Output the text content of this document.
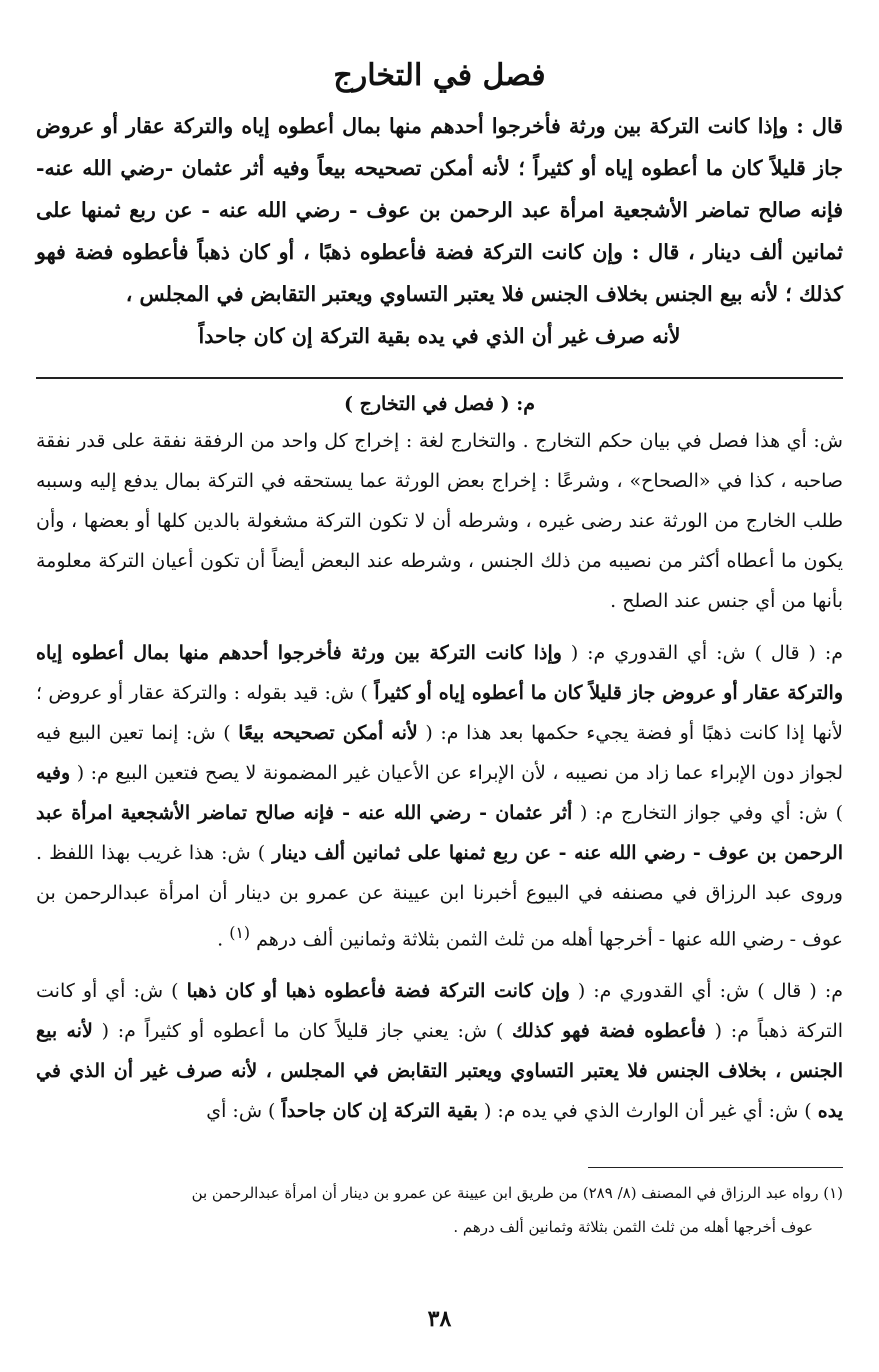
فصل في التخارج

قال : وإذا كانت التركة بين ورثة فأخرجوا أحدهم منها بمال أعطوه إياه والتركة عقار أو عروض جاز قليلاً كان ما أعطوه إياه أو كثيراً ؛ لأنه أمكن تصحيحه بيعاً وفيه أثر عثمان -رضي الله عنه- فإنه صالح تماضر الأشجعية امرأة عبد الرحمن بن عوف - رضي الله عنه - عن ربع ثمنها على ثمانين ألف دينار ، قال : وإن كانت التركة فضة فأعطوه ذهبًا ، أو كان ذهباً فأعطوه فضة فهو كذلك ؛ لأنه بيع الجنس بخلاف الجنس فلا يعتبر التساوي ويعتبر التقابض في المجلس ،

لأنه صرف غير أن الذي في يده بقية التركة إن كان جاحداً

م: ( فصل في التخارج )

ش: أي هذا فصل في بيان حكم التخارج . والتخارج لغة : إخراج كل واحد من الرفقة نفقة على قدر نفقة صاحبه ، كذا في «الصحاح» ، وشرعًا : إخراج بعض الورثة عما يستحقه في التركة بمال يدفع إليه وسببه طلب الخارج من الورثة عند رضى غيره ، وشرطه أن لا تكون التركة مشغولة بالدين كلها أو بعضها ، وأن يكون ما أعطاه أكثر من نصيبه من ذلك الجنس ، وشرطه عند البعض أيضاً أن تكون أعيان التركة معلومة بأنها من أي جنس عند الصلح .

م: ( قال ) ش: أي القدوري م: ( وإذا كانت التركة بين ورثة فأخرجوا أحدهم منها بمال أعطوه إياه والتركة عقار أو عروض جاز قليلاً كان ما أعطوه إياه أو كثيراً ) ش: قيد بقوله : والتركة عقار أو عروض ؛ لأنها إذا كانت ذهبًا أو فضة يجيء حكمها بعد هذا م: ( لأنه أمكن تصحيحه بيعًا ) ش: إنما تعين البيع فيه لجواز دون الإبراء عما زاد من نصيبه ، لأن الإبراء عن الأعيان غير المضمونة لا يصح فتعين البيع م: ( وفيه ) ش: أي وفي جواز التخارج م: ( أثر عثمان - رضي الله عنه - فإنه صالح تماضر الأشجعية امرأة عبد الرحمن بن عوف - رضي الله عنه - عن ربع ثمنها على ثمانين ألف دينار ) ش: هذا غريب بهذا اللفظ . وروى عبد الرزاق في مصنفه في البيوع أخبرنا ابن عيينة عن عمرو بن دينار أن امرأة عبدالرحمن بن عوف - رضي الله عنها - أخرجها أهله من ثلث الثمن بثلاثة وثمانين ألف درهم $^{(١)}$ .

م: ( قال ) ش: أي القدوري م: ( وإن كانت التركة فضة فأعطوه ذهبا أو كان ذهبا ) ش: أي أو كانت التركة ذهباً م: ( فأعطوه فضة فهو كذلك ) ش: يعني جاز قليلاً كان ما أعطوه أو كثيراً م: ( لأنه بيع الجنس ، بخلاف الجنس فلا يعتبر التساوي ويعتبر التقابض في المجلس ، لأنه صرف غير أن الذي في يده ) ش: أي غير أن الوارث الذي في يده م: ( بقية التركة إن كان جاحداً ) ش: أي

(١) رواه عبد الرزاق في المصنف (٨/ ٢٨٩) من طريق ابن عيينة عن عمرو بن دينار أن امرأة عبدالرحمن بن

عوف أخرجها أهله من ثلث الثمن بثلاثة وثمانين ألف درهم .

٣٨
